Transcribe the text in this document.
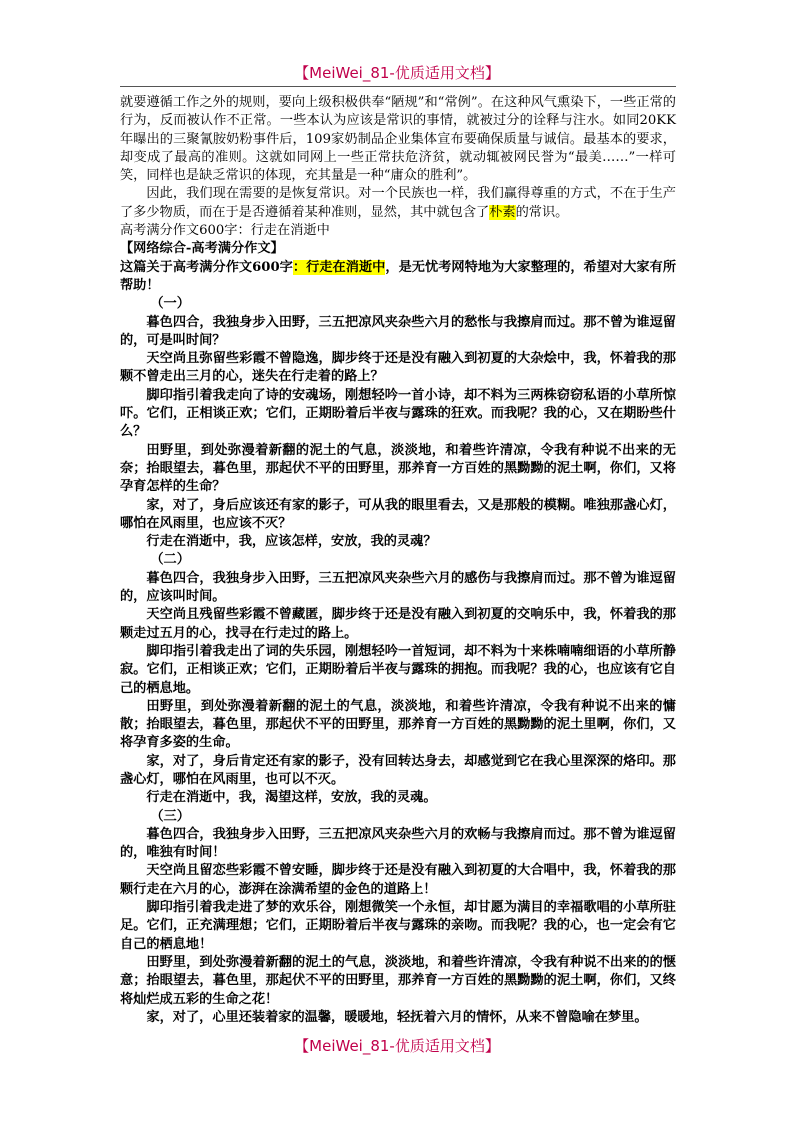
【MeiWei_81-优质适用文档】

就要遵循工作之外的规则，要向上级积极供奉“陋规”和“常例”。在这种风气熏染下，一些正常的行为，反而被认作不正常。一些本认为应该是常识的事情，就被过分的诠释与注水。如同20KK年曝出的三聚氰胺奶粉事件后，109家奶制品企业集体宣布要确保质量与诚信。最基本的要求，却变成了最高的准则。这就如同网上一些正常扶危济贫，就动辄被网民誉为“最美……”一样可笑，同样也是缺乏常识的体现，充其量是一种“庸众的胜利”。

因此，我们现在需要的是恢复常识。对一个民族也一样，我们赢得尊重的方式，不在于生产了多少物质，而在于是否遵循着某种准则，显然，其中就包含了朴素的常识。

高考满分作文600字：行走在消逝中

【网络综合-高考满分作文】

这篇关于高考满分作文600字：行走在消逝中，是无忧考网特地为大家整理的，希望对大家有所帮助！

（一）

暮色四合，我独身步入田野，三五把凉风夹杂些六月的愁怅与我擦肩而过。那不曾为谁逗留的，可是叫时间？

天空尚且弥留些彩霞不曾隐逸，脚步终于还是没有融入到初夏的大杂烩中，我，怀着我的那颗不曾走出三月的心，迷失在行走着的路上？

脚印指引着我走向了诗的安魂场，刚想轻吟一首小诗，却不料为三两株窃窃私语的小草所惊吓。它们，正相谈正欢；它们，正期盼着后半夜与露珠的狂欢。而我呢？我的心，又在期盼些什么？

田野里，到处弥漫着新翻的泥土的气息，淡淡地，和着些许清凉，令我有种说不出来的无奈；抬眼望去，暮色里，那起伏不平的田野里，那养育一方百姓的黑黝黝的泥土啊，你们，又将孕育怎样的生命？

家，对了，身后应该还有家的影子，可从我的眼里看去，又是那般的模糊。唯独那盏心灯，哪怕在风雨里，也应该不灭？

行走在消逝中，我，应该怎样，安放，我的灵魂？

（二）

暮色四合，我独身步入田野，三五把凉风夹杂些六月的感伤与我擦肩而过。那不曾为谁逗留的，应该叫时间。

天空尚且残留些彩霞不曾藏匿，脚步终于还是没有融入到初夏的交响乐中，我，怀着我的那颗走过五月的心，找寻在行走过的路上。

脚印指引着我走出了词的失乐园，刚想轻吟一首短词，却不料为十来株喃喃细语的小草所静寂。它们，正相谈正欢；它们，正期盼着后半夜与露珠的拥抱。而我呢？我的心，也应该有它自己的栖息地。

田野里，到处弥漫着新翻的泥土的气息，淡淡地，和着些许清凉，令我有种说不出来的慵散；抬眼望去，暮色里，那起伏不平的田野里，那养育一方百姓的黑黝黝的泥土里啊，你们，又将孕育多姿的生命。

家，对了，身后肯定还有家的影子，没有回转达身去，却感觉到它在我心里深深的烙印。那盏心灯，哪怕在风雨里，也可以不灭。

行走在消逝中，我，渴望这样，安放，我的灵魂。

（三）

暮色四合，我独身步入田野，三五把凉风夹杂些六月的欢畅与我擦肩而过。那不曾为谁逗留的，唯独有时间！

天空尚且留恋些彩霞不曾安睡，脚步终于还是没有融入到初夏的大合唱中，我，怀着我的那颗行走在六月的心，澎湃在涂满希望的金色的道路上！

脚印指引着我走进了梦的欢乐谷，刚想微笑一个永恒，却甘愿为满目的幸福歌唱的小草所驻足。它们，正充满理想；它们，正期盼着后半夜与露珠的亲吻。而我呢？我的心，也一定会有它自己的栖息地！

田野里，到处弥漫着新翻的泥土的气息，淡淡地，和着些许清凉，令我有种说不出来的的惬意；抬眼望去，暮色里，那起伏不平的田野里，那养育一方百姓的黑黝黝的泥土啊，你们，又终将灿烂成五彩的生命之花！

家，对了，心里还装着家的温馨，暖暖地，轻抚着六月的情怀，从来不曾隐喻在梦里。

【MeiWei_81-优质适用文档】
